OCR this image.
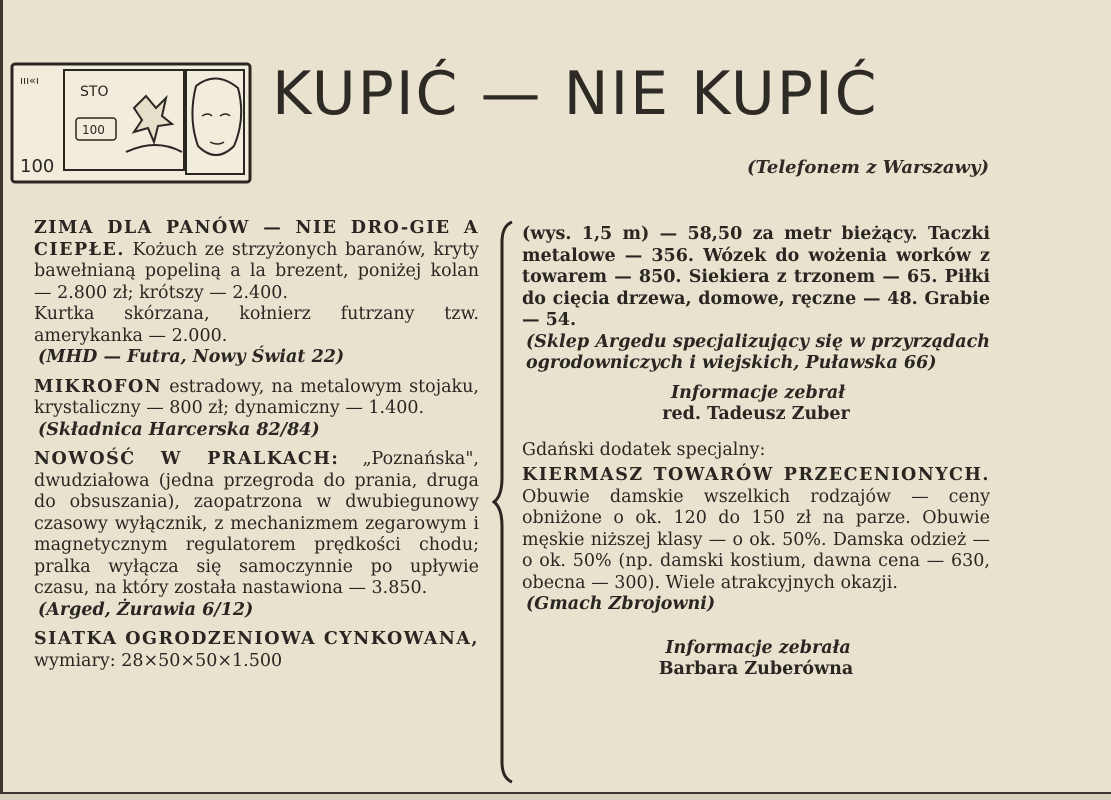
ııı«ı
STO
100
100
KUPIĆ — NIE KUPIĆ
(Telefonem z Warszawy)

ZIMA DLA PANÓW — NIE DRO-GIE A CIEPŁE. Kożuch ze strzyżonych baranów, kryty bawełnianą popeliną a la brezent, poniżej kolan — 2.800 zł; krótszy — 2.400.

Kurtka skórzana, kołnierz futrzany tzw. amerykanka — 2.000.

(MHD — Futra, Nowy Świat 22)

MIKROFON estradowy, na metalowym stojaku, krystaliczny — 800 zł; dynamiczny — 1.400.

(Składnica Harcerska 82/84)

NOWOŚĆ W PRALKACH: „Poznańska", dwudziałowa (jedna przegroda do prania, druga do obsuszania), zaopatrzona w dwubiegunowy czasowy wyłącznik, z mechanizmem zegarowym i magnetycznym regulatorem prędkości chodu; pralka wyłącza się samoczynnie po upływie czasu, na który została nastawiona — 3.850.

(Arged, Żurawia 6/12)

SIATKA OGRODZENIOWA CYNKOWANA, wymiary: 28×50×50×1.500

(wys. 1,5 m) — 58,50 za metr bieżący. Taczki metalowe — 356. Wózek do wożenia worków z towarem — 850. Siekiera z trzonem — 65. Piłki do cięcia drzewa, domowe, ręczne — 48. Grabie — 54.

(Sklep Argedu specjalizujący się w przyrządach ogrodowniczych i wiejskich, Puławska 66)

Informacje zebrał

red. Tadeusz Zuber

Gdański dodatek specjalny:

KIERMASZ TOWARÓW PRZECENIONYCH. Obuwie damskie wszelkich rodzajów — ceny obniżone o ok. 120 do 150 zł na parze. Obuwie męskie niższej klasy — o ok. 50%. Damska odzież — o ok. 50% (np. damski kostium, dawna cena — 630, obecna — 300). Wiele atrakcyjnych okazji.

(Gmach Zbrojowni)

Informacje zebrała

Barbara Zuberówna
